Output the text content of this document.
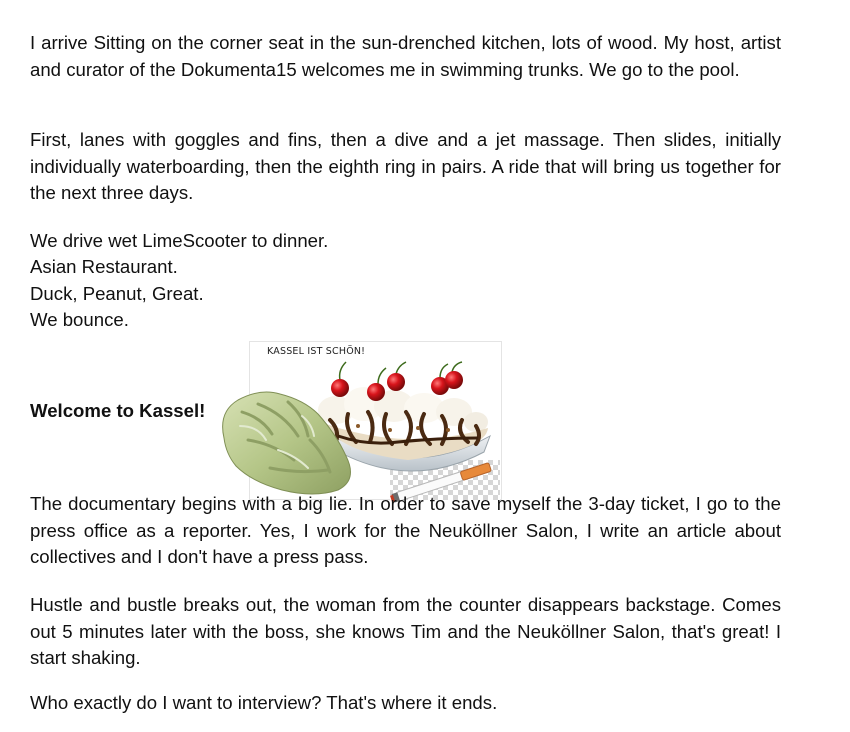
I arrive Sitting on the corner seat in the sun-drenched kitchen, lots of wood. My host, artist and curator of the Dokumenta15 welcomes me in swimming trunks. We go to the pool.

First, lanes with goggles and fins, then a dive and a jet massage. Then slides, initially individually waterboarding, then the eighth ring in pairs. A ride that will bring us together for the next three days.

We drive wet LimeScooter to dinner.

Asian Restaurant.

Duck, Peanut, Great.

We bounce.

Welcome to Kassel!
KASSEL IST SCHÖN!

The documentary begins with a big lie. In order to save myself the 3-day ticket, I go to the press office as a reporter. Yes, I work for the Neuköllner Salon, I write an article about collectives and I don't have a press pass.

Hustle and bustle breaks out, the woman from the counter disappears backstage. Comes out 5 minutes later with the boss, she knows Tim and the Neuköllner Salon, that's great! I start shaking.

Who exactly do I want to interview? That's where it ends.
